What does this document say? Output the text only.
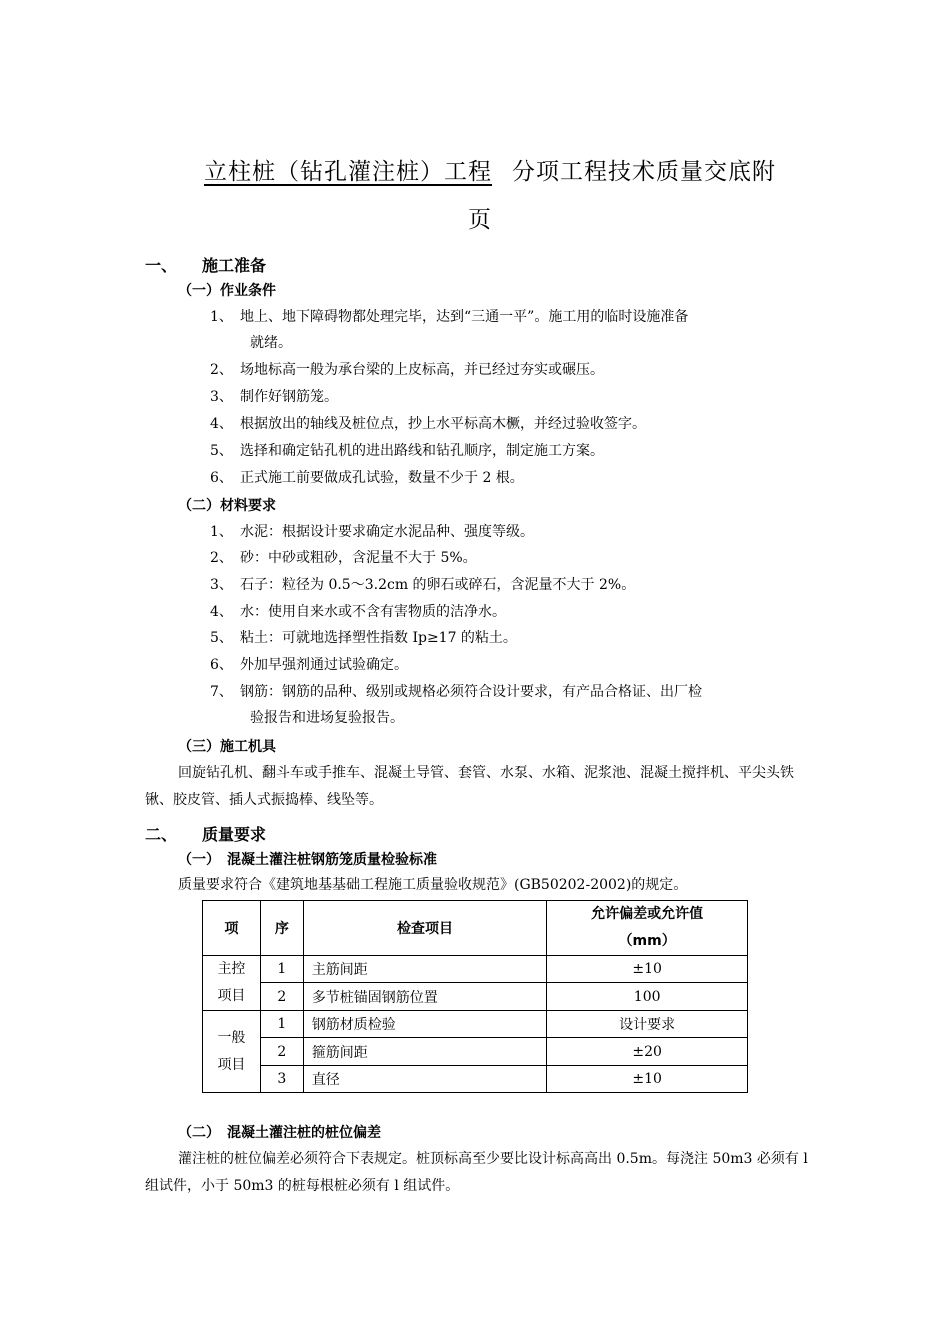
立柱桩（钻孔灌注桩）工程 分项工程技术质量交底附
页
一、 施工准备
（一）作业条件
1、 地上、地下障碍物都处理完毕，达到“三通一平”。施工用的临时设施准备
就绪。
2、 场地标高一般为承台梁的上皮标高，并已经过夯实或碾压。
3、 制作好钢筋笼。
4、 根据放出的轴线及桩位点，抄上水平标高木橛，并经过验收签字。
5、 选择和确定钻孔机的进出路线和钻孔顺序，制定施工方案。
6、 正式施工前要做成孔试验，数量不少于 2 根。
（二）材料要求
1、 水泥：根据设计要求确定水泥品种、强度等级。
2、 砂：中砂或粗砂，含泥量不大于 5%。
3、 石子：粒径为 0.5～3.2cm 的卵石或碎石，含泥量不大于 2%。
4、 水：使用自来水或不含有害物质的洁净水。
5、 粘土：可就地选择塑性指数 Ip≥17 的粘土。
6、 外加早强剂通过试验确定。
7、 钢筋：钢筋的品种、级别或规格必须符合设计要求，有产品合格证、出厂检
验报告和进场复验报告。
（三）施工机具
回旋钻孔机、翻斗车或手推车、混凝土导管、套管、水泵、水箱、泥浆池、混凝土搅拌机、平尖头铁锹、胶皮管、插人式振捣棒、线坠等。
二、 质量要求
（一）　混凝土灌注桩钢筋笼质量检验标准
质量要求符合《建筑地基基础工程施工质量验收规范》(GB50202-2002)的规定。
项	序	检查项目	允许偏差或允许值
（mm）

主控
项目	1	主筋间距	±10
	2	多节桩锚固钢筋位置	100

一般
项目	1	钢筋材质检验	设计要求
	2	箍筋间距	±20
	3	直径	±10
（二）　混凝土灌注桩的桩位偏差
灌注桩的桩位偏差必须符合下表规定。桩顶标高至少要比设计标高高出 0.5m。每浇注 50m3 必须有 l 组试件，小于 50m3 的桩每根桩必须有 l 组试件。
